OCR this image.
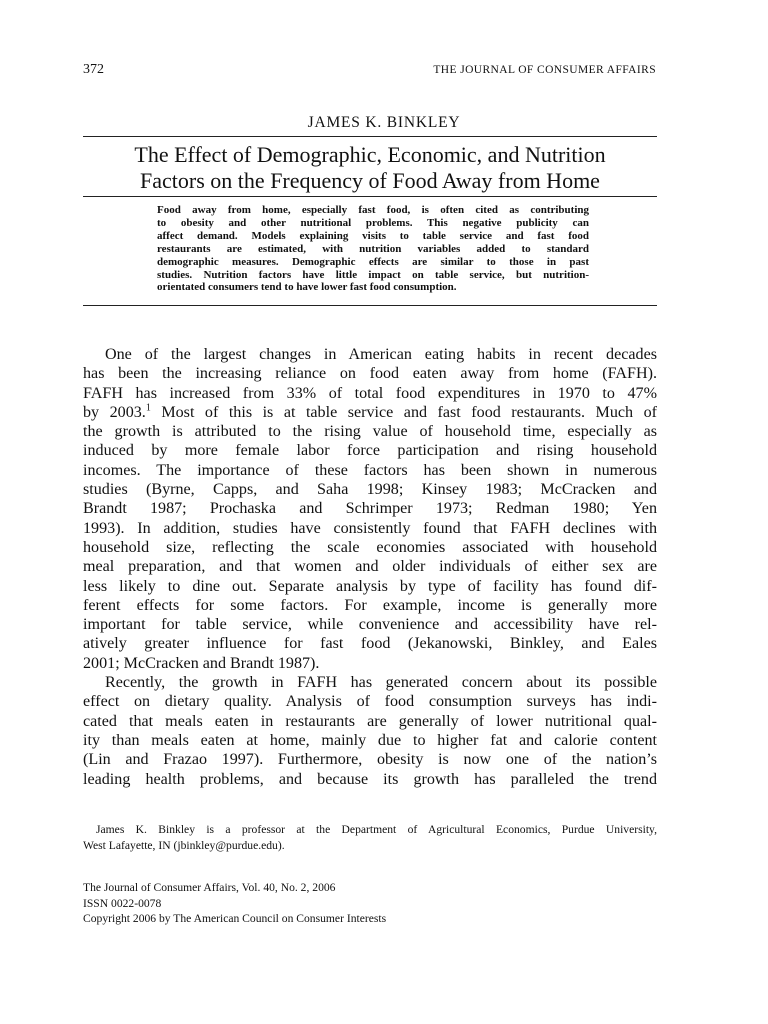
372	THE JOURNAL OF CONSUMER AFFAIRS
JAMES K. BINKLEY
The Effect of Demographic, Economic, and Nutrition
Factors on the Frequency of Food Away from Home
Food away from home, especially fast food, is often cited as contributing
to obesity and other nutritional problems. This negative publicity can
affect demand. Models explaining visits to table service and fast food
restaurants are estimated, with nutrition variables added to standard
demographic measures. Demographic effects are similar to those in past
studies. Nutrition factors have little impact on table service, but nutrition-
orientated consumers tend to have lower fast food consumption.
One of the largest changes in American eating habits in recent decades
has been the increasing reliance on food eaten away from home (FAFH).
FAFH has increased from 33% of total food expenditures in 1970 to 47%
by 2003.$^1$ Most of this is at table service and fast food restaurants. Much of
the growth is attributed to the rising value of household time, especially as
induced by more female labor force participation and rising household
incomes. The importance of these factors has been shown in numerous
studies (Byrne, Capps, and Saha 1998; Kinsey 1983; McCracken and
Brandt 1987; Prochaska and Schrimper 1973; Redman 1980; Yen
1993). In addition, studies have consistently found that FAFH declines with
household size, reflecting the scale economies associated with household
meal preparation, and that women and older individuals of either sex are
less likely to dine out. Separate analysis by type of facility has found dif-
ferent effects for some factors. For example, income is generally more
important for table service, while convenience and accessibility have rel-
atively greater influence for fast food (Jekanowski, Binkley, and Eales
2001; McCracken and Brandt 1987).
Recently, the growth in FAFH has generated concern about its possible
effect on dietary quality. Analysis of food consumption surveys has indi-
cated that meals eaten in restaurants are generally of lower nutritional qual-
ity than meals eaten at home, mainly due to higher fat and calorie content
(Lin and Frazao 1997). Furthermore, obesity is now one of the nation’s
leading health problems, and because its growth has paralleled the trend
James K. Binkley is a professor at the Department of Agricultural Economics, Purdue University,
West Lafayette, IN (jbinkley@purdue.edu).
The Journal of Consumer Affairs, Vol. 40, No. 2, 2006
ISSN 0022-0078
Copyright 2006 by The American Council on Consumer Interests
